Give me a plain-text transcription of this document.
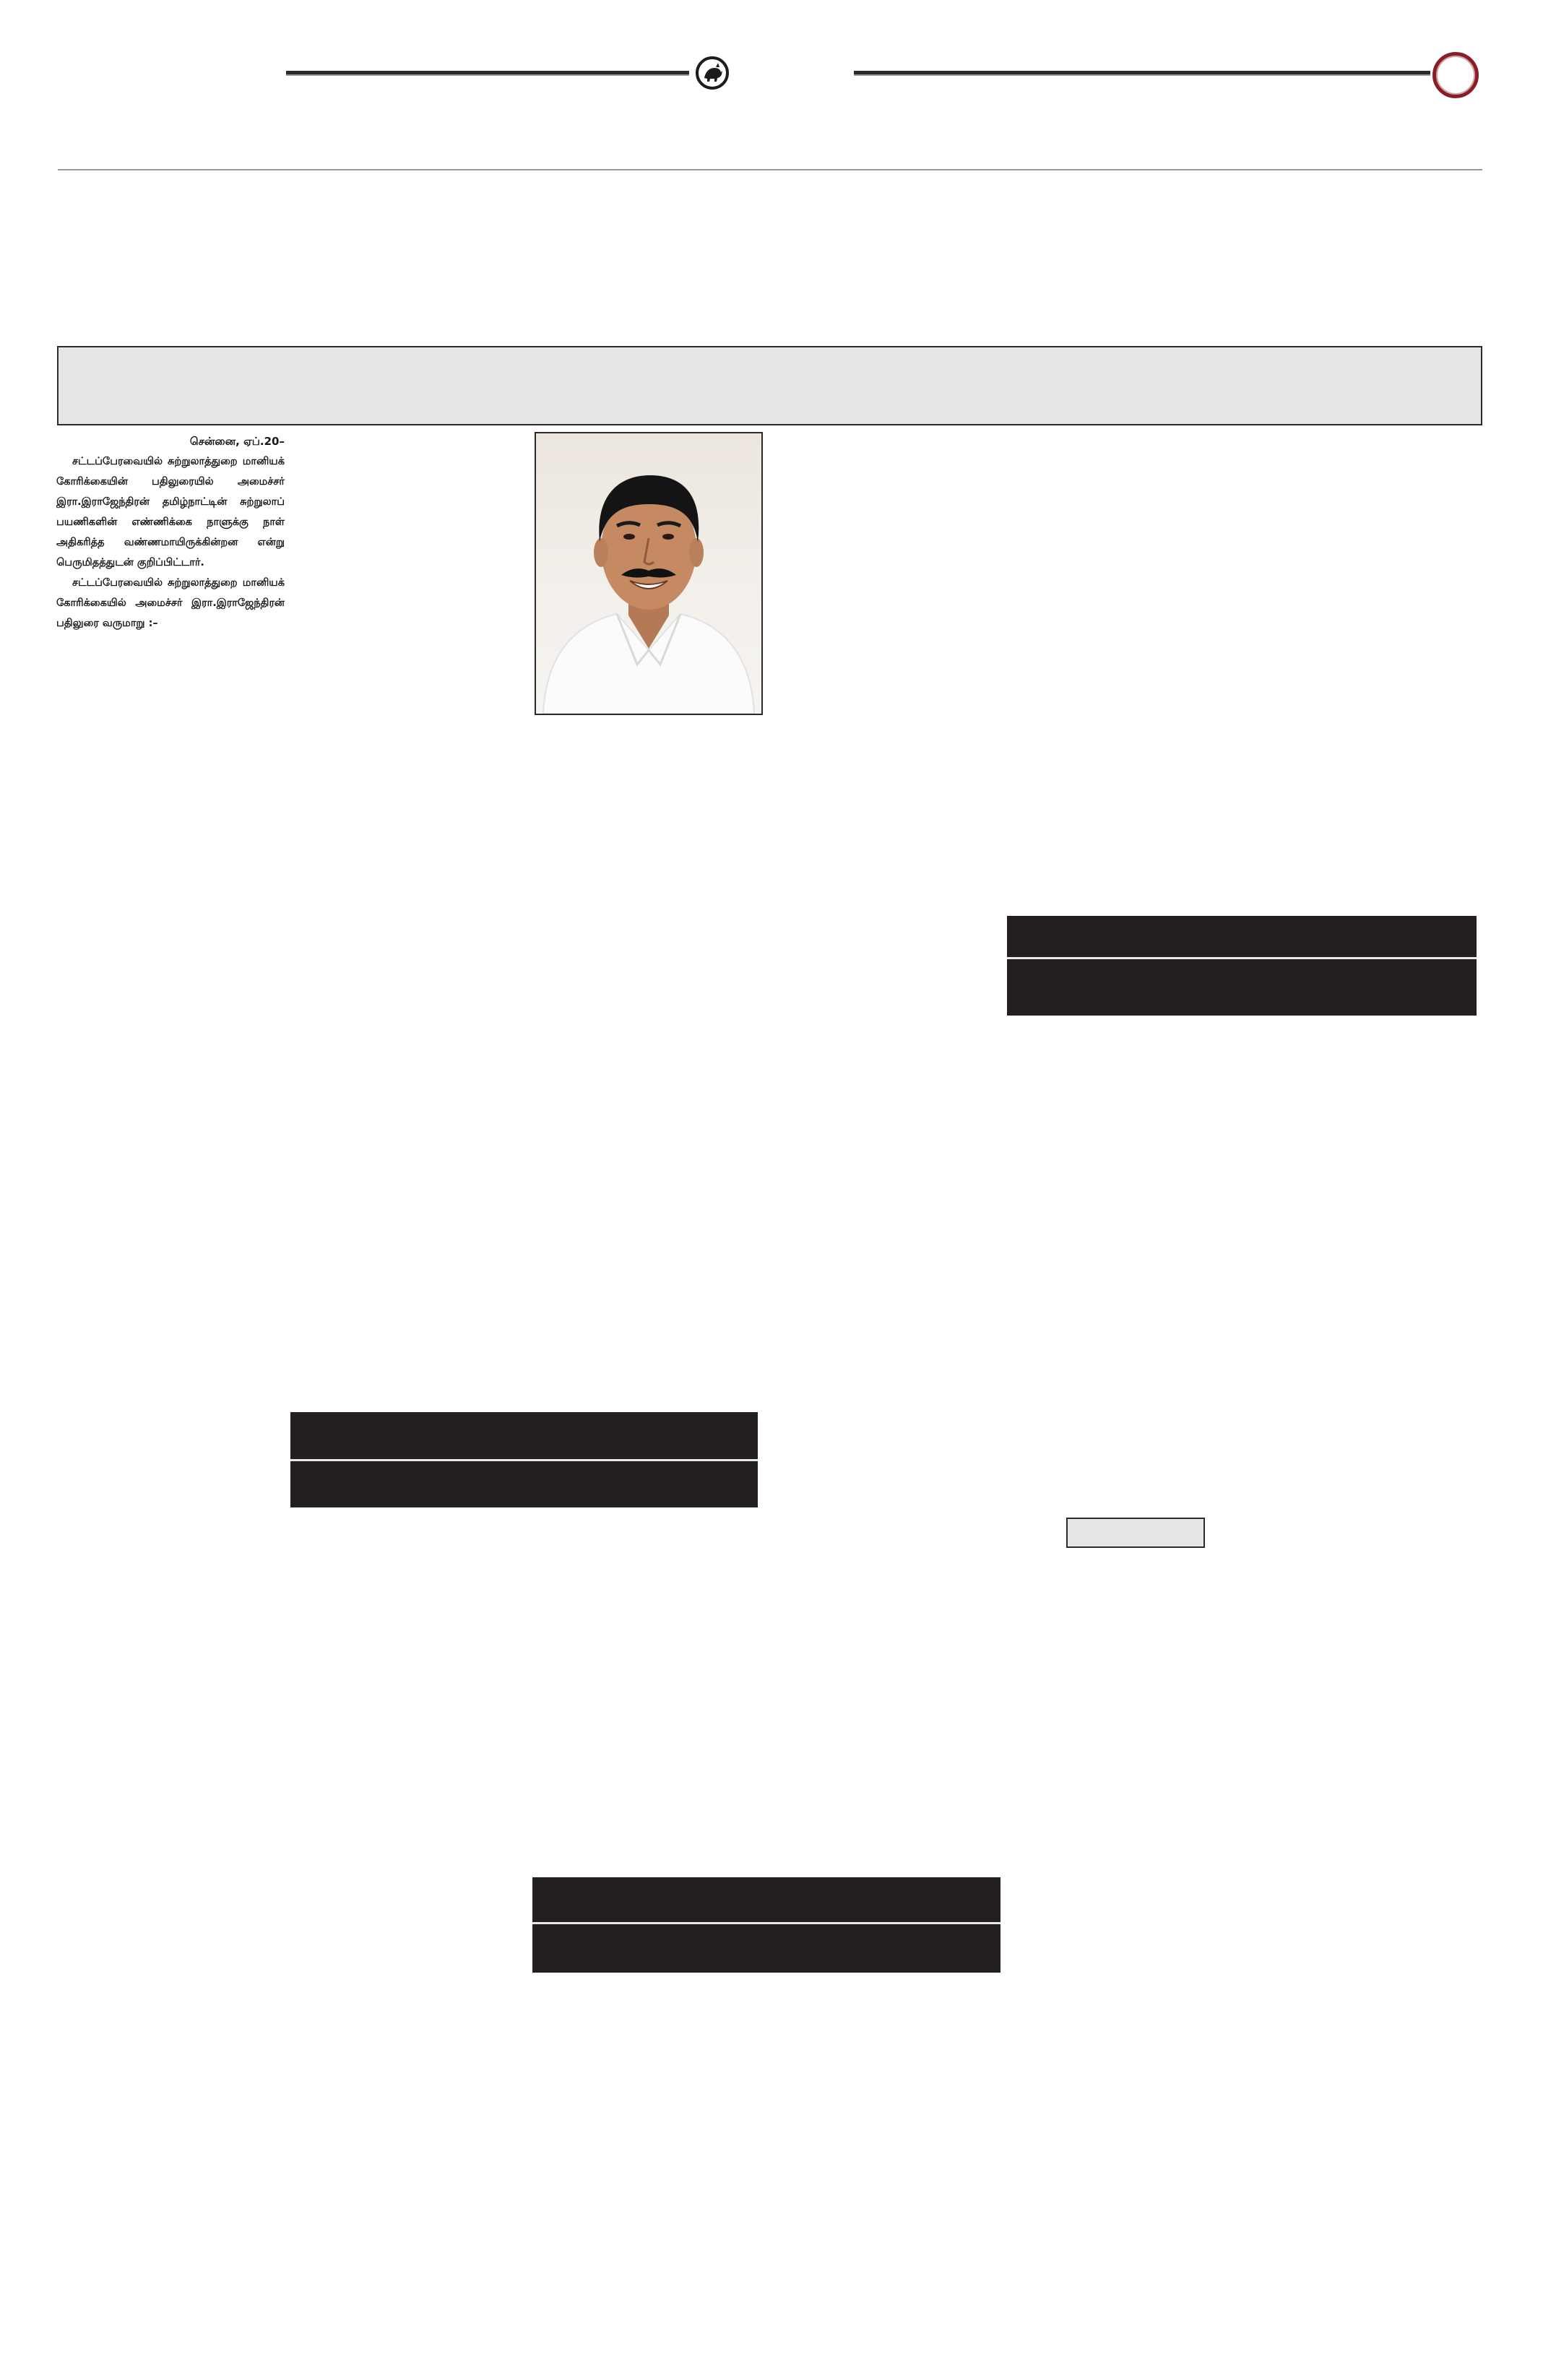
சென்னை, ஏப்.20–

சட்டப்பேரவையில் சுற்றுலாத்துறை மானியக் கோரிக்கையின் பதிலுரையில் அமைச்சர் இரா.இராஜேந்திரன் தமிழ்நாட்டின் சுற்றுலாப் பயணிகளின் எண்ணிக்கை நாளுக்கு நாள் அதிகரித்த வண்ணமாயிருக்கின்றன என்று பெருமிதத்துடன் குறிப்பிட்டார்.

சட்டப்பேரவையில் சுற்றுலாத்துறை மானியக் கோரிக்கையில் அமைச்சர் இரா.இராஜேந்திரன் பதிலுரை வருமாறு :–
